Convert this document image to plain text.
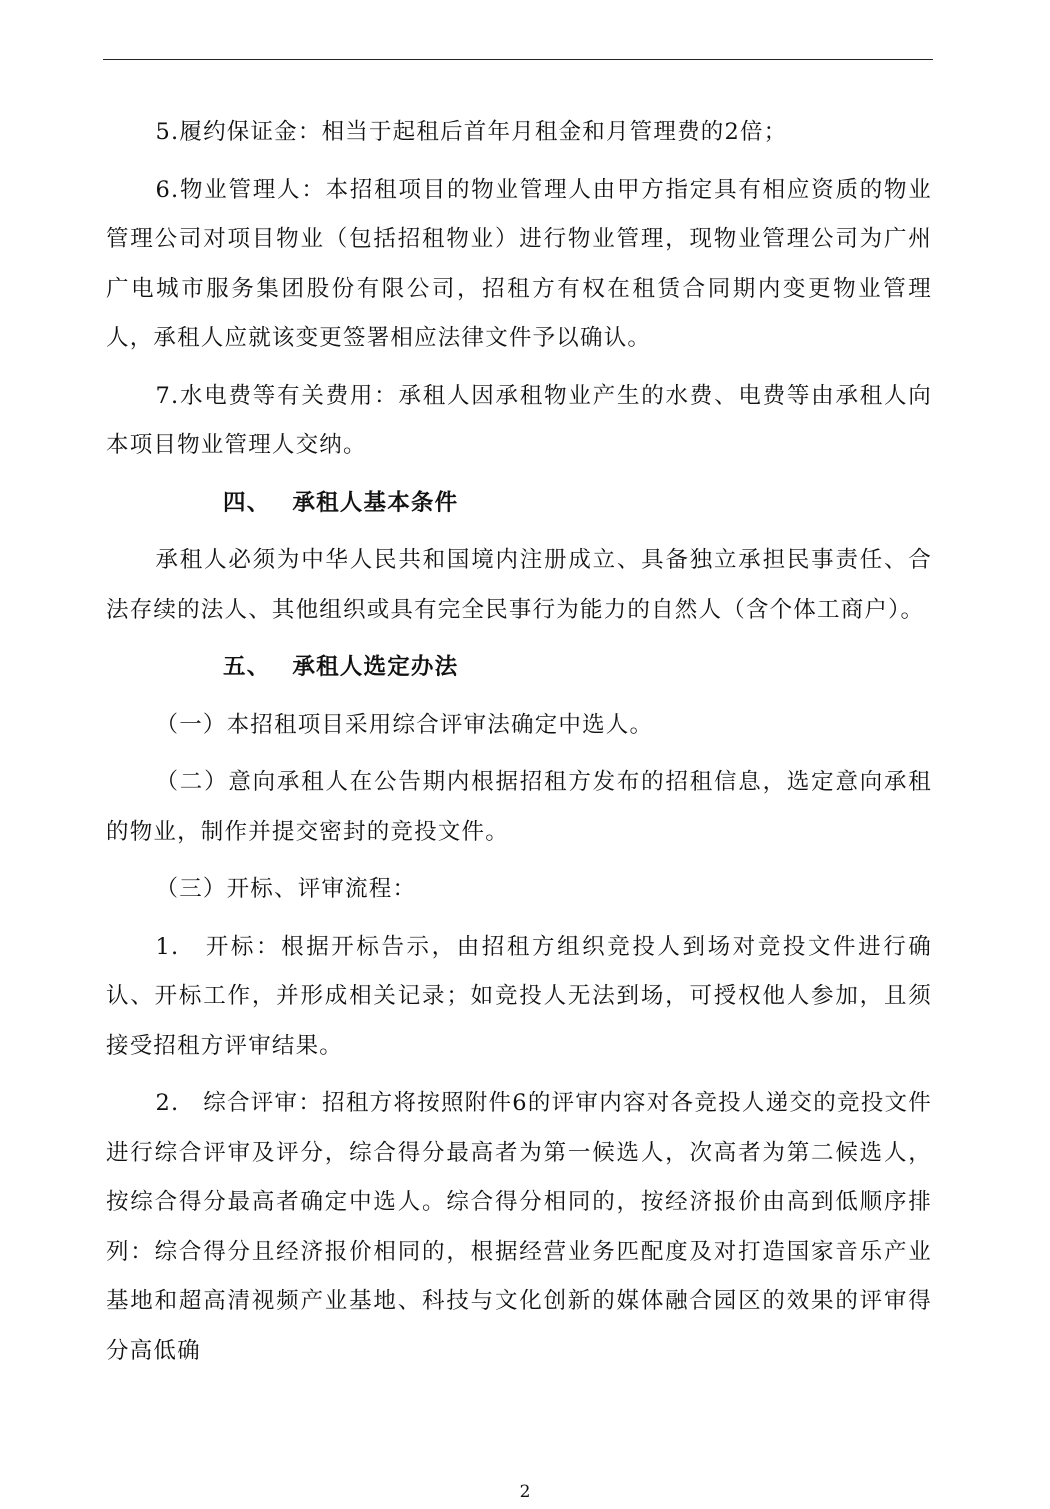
5.履约保证金：相当于起租后首年月租金和月管理费的2倍；

6.物业管理人：本招租项目的物业管理人由甲方指定具有相应资质的物业管理公司对项目物业（包括招租物业）进行物业管理，现物业管理公司为广州广电城市服务集团股份有限公司，招租方有权在租赁合同期内变更物业管理人，承租人应就该变更签署相应法律文件予以确认。

7.水电费等有关费用：承租人因承租物业产生的水费、电费等由承租人向本项目物业管理人交纳。

四、 承租人基本条件

承租人必须为中华人民共和国境内注册成立、具备独立承担民事责任、合法存续的法人、其他组织或具有完全民事行为能力的自然人（含个体工商户）。

五、 承租人选定办法

（一）本招租项目采用综合评审法确定中选人。

（二）意向承租人在公告期内根据招租方发布的招租信息，选定意向承租的物业，制作并提交密封的竞投文件。

（三）开标、评审流程：

1.　开标：根据开标告示，由招租方组织竞投人到场对竞投文件进行确认、开标工作，并形成相关记录；如竞投人无法到场，可授权他人参加，且须接受招租方评审结果。

2.　综合评审：招租方将按照附件6的评审内容对各竞投人递交的竞投文件进行综合评审及评分，综合得分最高者为第一候选人，次高者为第二候选人，按综合得分最高者确定中选人。综合得分相同的，按经济报价由高到低顺序排列：综合得分且经济报价相同的，根据经营业务匹配度及对打造国家音乐产业基地和超高清视频产业基地、科技与文化创新的媒体融合园区的效果的评审得分高低确

2
